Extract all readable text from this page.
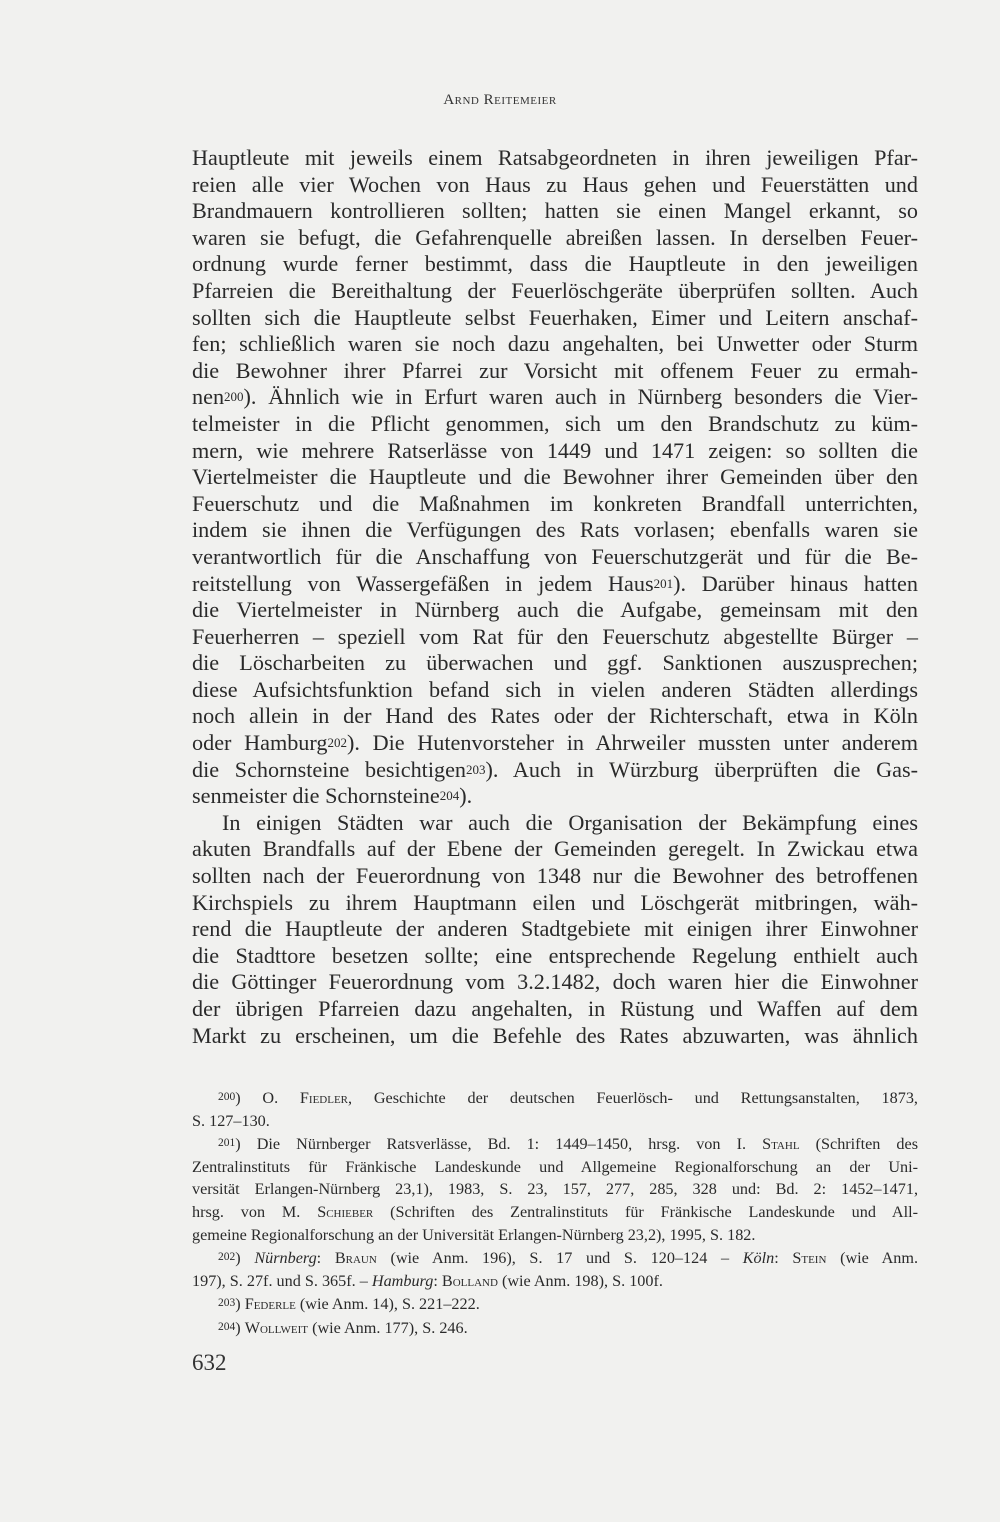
Arnd Reitemeier

Hauptleute mit jeweils einem Ratsabgeordneten in ihren jeweiligen Pfar-
reien alle vier Wochen von Haus zu Haus gehen und Feuerstätten und
Brandmauern kontrollieren sollten; hatten sie einen Mangel erkannt, so
waren sie befugt, die Gefahrenquelle abreißen lassen. In derselben Feuer-
ordnung wurde ferner bestimmt, dass die Hauptleute in den jeweiligen
Pfarreien die Bereithaltung der Feuerlöschgeräte überprüfen sollten. Auch
sollten sich die Hauptleute selbst Feuerhaken, Eimer und Leitern anschaf-
fen; schließlich waren sie noch dazu angehalten, bei Unwetter oder Sturm
die Bewohner ihrer Pfarrei zur Vorsicht mit offenem Feuer zu ermah-
nen200). Ähnlich wie in Erfurt waren auch in Nürnberg besonders die Vier-
telmeister in die Pflicht genommen, sich um den Brandschutz zu küm-
mern, wie mehrere Ratserlässe von 1449 und 1471 zeigen: so sollten die
Viertelmeister die Hauptleute und die Bewohner ihrer Gemeinden über den
Feuerschutz und die Maßnahmen im konkreten Brandfall unterrichten,
indem sie ihnen die Verfügungen des Rats vorlasen; ebenfalls waren sie
verantwortlich für die Anschaffung von Feuerschutzgerät und für die Be-
reitstellung von Wassergefäßen in jedem Haus201). Darüber hinaus hatten
die Viertelmeister in Nürnberg auch die Aufgabe, gemeinsam mit den
Feuerherren – speziell vom Rat für den Feuerschutz abgestellte Bürger –
die Löscharbeiten zu überwachen und ggf. Sanktionen auszusprechen;
diese Aufsichtsfunktion befand sich in vielen anderen Städten allerdings
noch allein in der Hand des Rates oder der Richterschaft, etwa in Köln
oder Hamburg202). Die Hutenvorsteher in Ahrweiler mussten unter anderem
die Schornsteine besichtigen203). Auch in Würzburg überprüften die Gas-
senmeister die Schornsteine204).

In einigen Städten war auch die Organisation der Bekämpfung eines
akuten Brandfalls auf der Ebene der Gemeinden geregelt. In Zwickau etwa
sollten nach der Feuerordnung von 1348 nur die Bewohner des betroffenen
Kirchspiels zu ihrem Hauptmann eilen und Löschgerät mitbringen, wäh-
rend die Hauptleute der anderen Stadtgebiete mit einigen ihrer Einwohner
die Stadttore besetzen sollte; eine entsprechende Regelung enthielt auch
die Göttinger Feuerordnung vom 3.2.1482, doch waren hier die Einwohner
der übrigen Pfarreien dazu angehalten, in Rüstung und Waffen auf dem
Markt zu erscheinen, um die Befehle des Rates abzuwarten, was ähnlich

200) O. Fiedler, Geschichte der deutschen Feuerlösch- und Rettungsanstalten, 1873,
S. 127–130.
201) Die Nürnberger Ratsverlässe, Bd. 1: 1449–1450, hrsg. von I. Stahl (Schriften des
Zentralinstituts für Fränkische Landeskunde und Allgemeine Regionalforschung an der Uni-
versität Erlangen-Nürnberg 23,1), 1983, S. 23, 157, 277, 285, 328 und: Bd. 2: 1452–1471,
hrsg. von M. Schieber (Schriften des Zentralinstituts für Fränkische Landeskunde und All-
gemeine Regionalforschung an der Universität Erlangen-Nürnberg 23,2), 1995, S. 182.
202) Nürnberg: Braun (wie Anm. 196), S. 17 und S. 120–124 – Köln: Stein (wie Anm.
197), S. 27f. und S. 365f. – Hamburg: Bolland (wie Anm. 198), S. 100f.
203) Federle (wie Anm. 14), S. 221–222.
204) Wollweit (wie Anm. 177), S. 246.
632
